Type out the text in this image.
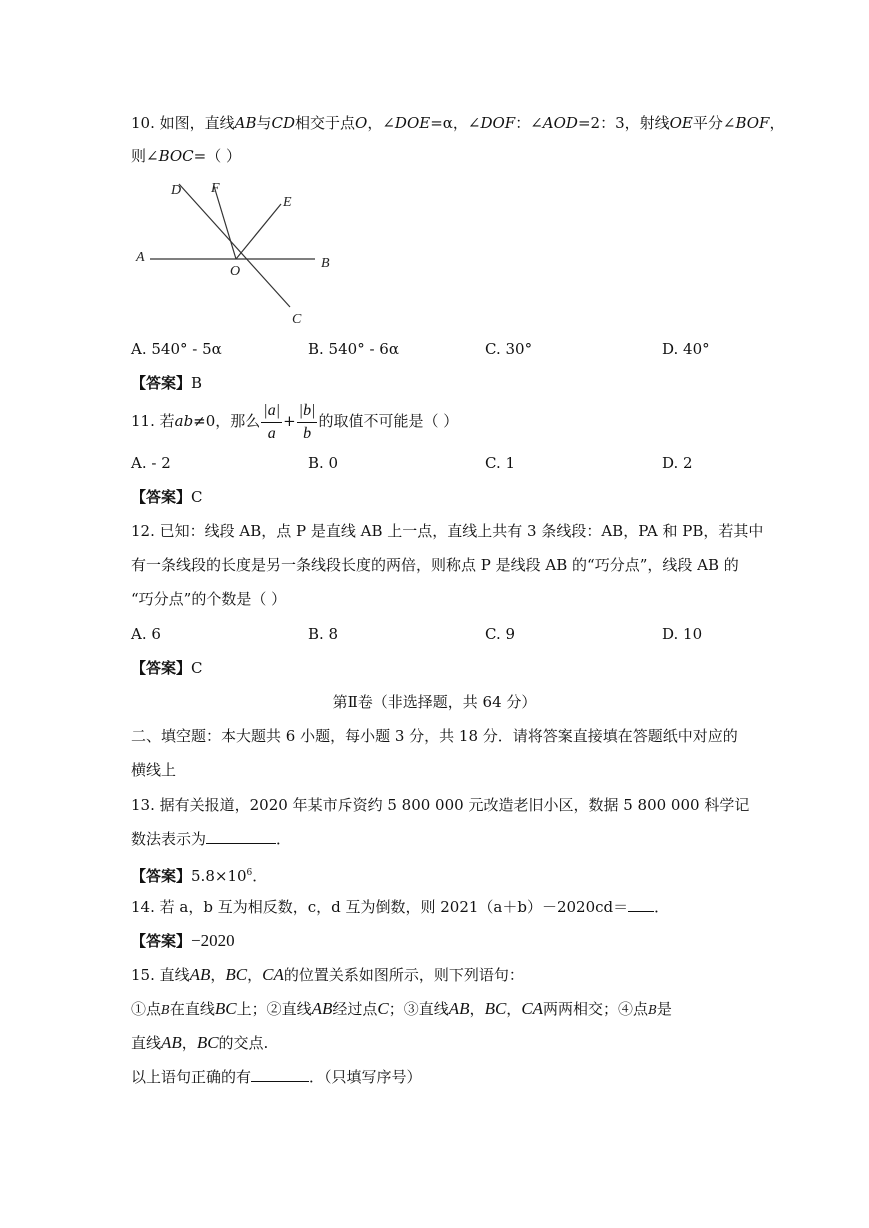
10. 如图，直线AB与CD相交于点O，∠DOE=α，∠DOF：∠AOD=2：3，射线OE平分∠BOF，
则∠BOC=（ ）
A	B
C
D
E
F
O
A. 540° - 5α	B. 540° - 6α	C. 30°	D. 40°
【答案】B
11. 若ab≠0，那么 $\frac{|a|}{a} + \frac{|b|}{b}$ 的取值不可能是（ ）
A. - 2	B. 0	C. 1	D. 2
【答案】C
12. 已知：线段 AB，点 P 是直线 AB 上一点，直线上共有 3 条线段：AB，PA 和 PB，若其中
有一条线段的长度是另一条线段长度的两倍，则称点 P 是线段 AB 的“巧分点”，线段 AB 的
“巧分点”的个数是（ ）
A. 6	B. 8	C. 9	D. 10
【答案】C
第Ⅱ卷（非选择题，共 64 分）
二、填空题：本大题共 6 小题，每小题 3 分，共 18 分．请将答案直接填在答题纸中对应的
横线上
13. 据有关报道，2020 年某市斥资约 5 800 000 元改造老旧小区，数据 5 800 000 科学记
数法表示为	．
【答案】$5.8\times 10^6$．
14. 若 a，b 互为相反数，c，d 互为倒数，则 2021（a＋b）－2020cd＝ ．
【答案】−2020
15. 直线AB，BC，CA的位置关系如图所示，则下列语句：
①点B在直线BC上；②直线AB经过点C；③直线AB，BC，CA两两相交；④点B是
直线AB，BC的交点.
以上语句正确的有	．（只填写序号）
